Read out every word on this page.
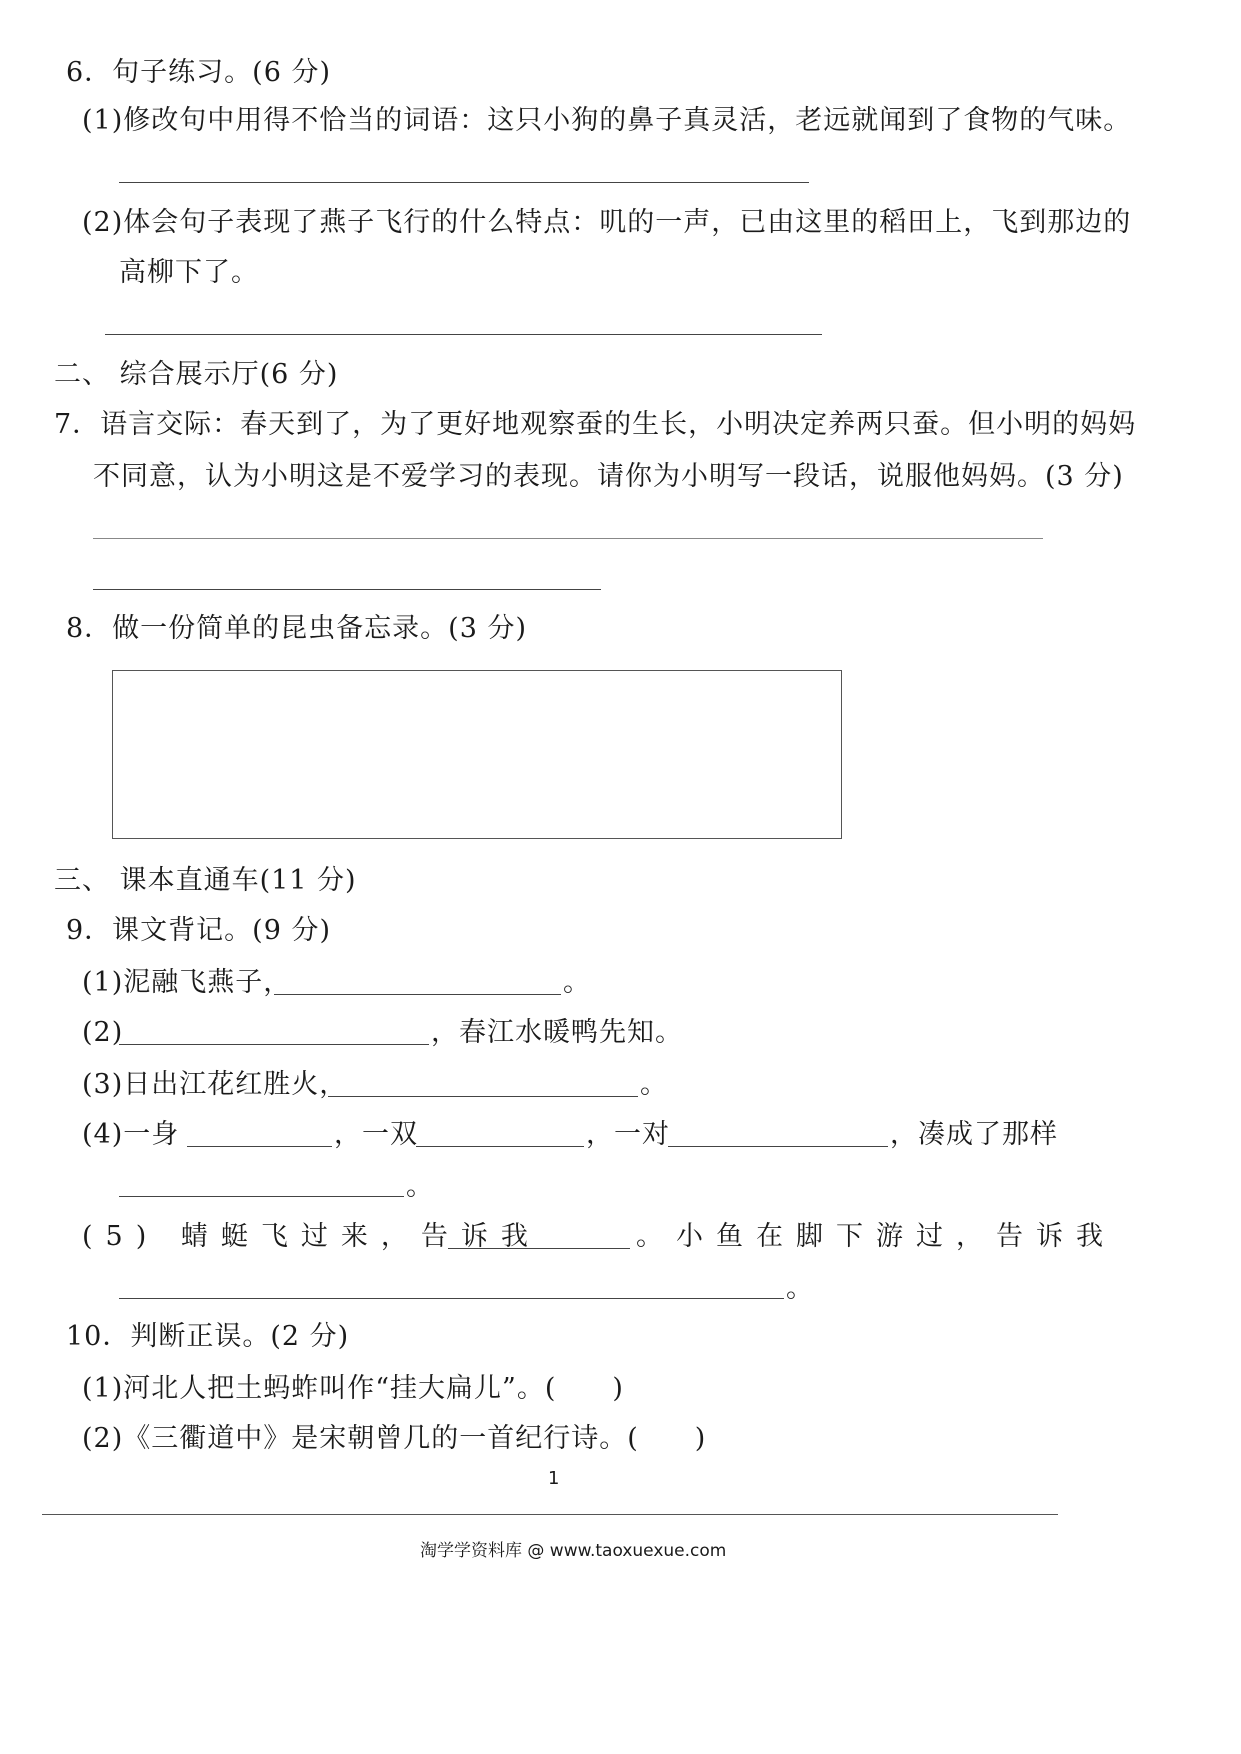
6．句子练习。(6 分)
(1)修改句中用得不恰当的词语：这只小狗的鼻子真灵活，老远就闻到了食物的气味。
(2)体会句子表现了燕子飞行的什么特点：叽的一声，已由这里的稻田上，飞到那边的
高柳下了。
二、 综合展示厅(6 分)
7．语言交际：春天到了，为了更好地观察蚕的生长，小明决定养两只蚕。但小明的妈妈
不同意，认为小明这是不爱学习的表现。请你为小明写一段话，说服他妈妈。(3 分)
8．做一份简单的昆虫备忘录。(3 分)
三、 课本直通车(11 分)
9．课文背记。(9 分)
(1)泥融飞燕子，	。
(2)	，春江水暖鸭先知。
(3)日出江花红胜火，	。
(4)一身	，一双	，一对	，凑成了那样
。
(5) 蜻蜓飞过来，告诉我	。小鱼在脚下游过，告诉我
。
10．判断正误。(2 分)
(1)河北人把土蚂蚱叫作“挂大扁儿”。(　　)
(2)《三衢道中》是宋朝曾几的一首纪行诗。(　　)
1
淘学学资料库 @ www.taoxuexue.com
